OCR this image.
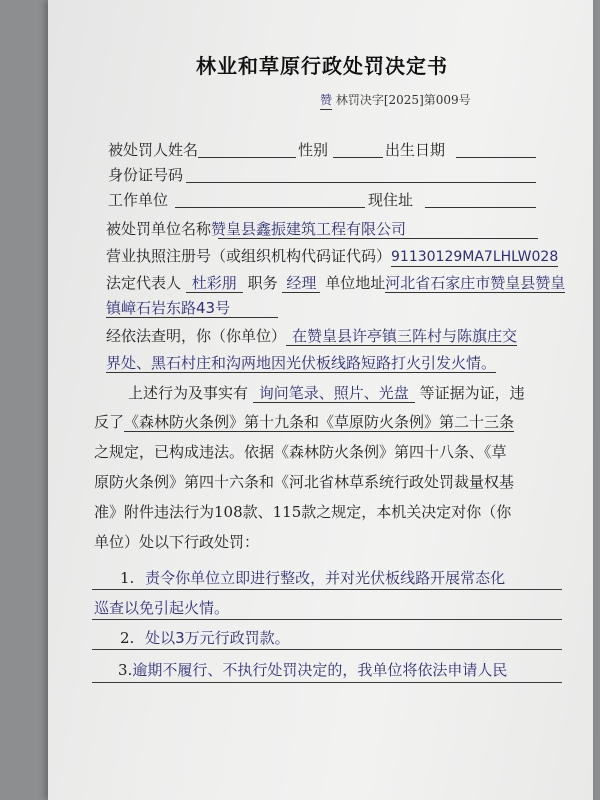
林业和草原行政处罚决定书
赞 林罚决字[2025]第009号
被处罚人姓名	性别	出生日期
身份证号码
工作单位	现住址
被处罚单位名称赞皇县鑫振建筑工程有限公司
营业执照注册号（或组织机构代码证代码）91130129MA7LHLW028
法定代表人 杜彩朋 职务 经理 单位地址河北省石家庄市赞皇县赞皇
镇嶂石岩东路43号
经依法查明，你（你单位） 在赞皇县许亭镇三阵村与陈旗庄交
界处、黑石村庄和沟两地因光伏板线路短路打火引发火情。
上述行为及事实有 询问笔录、照片、光盘 等证据为证，违
反了《森林防火条例》第十九条和《草原防火条例》第二十三条
之规定，已构成违法。依据《森林防火条例》第四十八条、《草
原防火条例》第四十六条和《河北省林草系统行政处罚裁量权基
准》附件违法行为108款、115款之规定，本机关决定对你（你
单位）处以下行政处罚：
1. 责令你单位立即进行整改，并对光伏板线路开展常态化
巡查以免引起火情。
2. 处以3万元行政罚款。
3.逾期不履行、不执行处罚决定的，我单位将依法申请人民
